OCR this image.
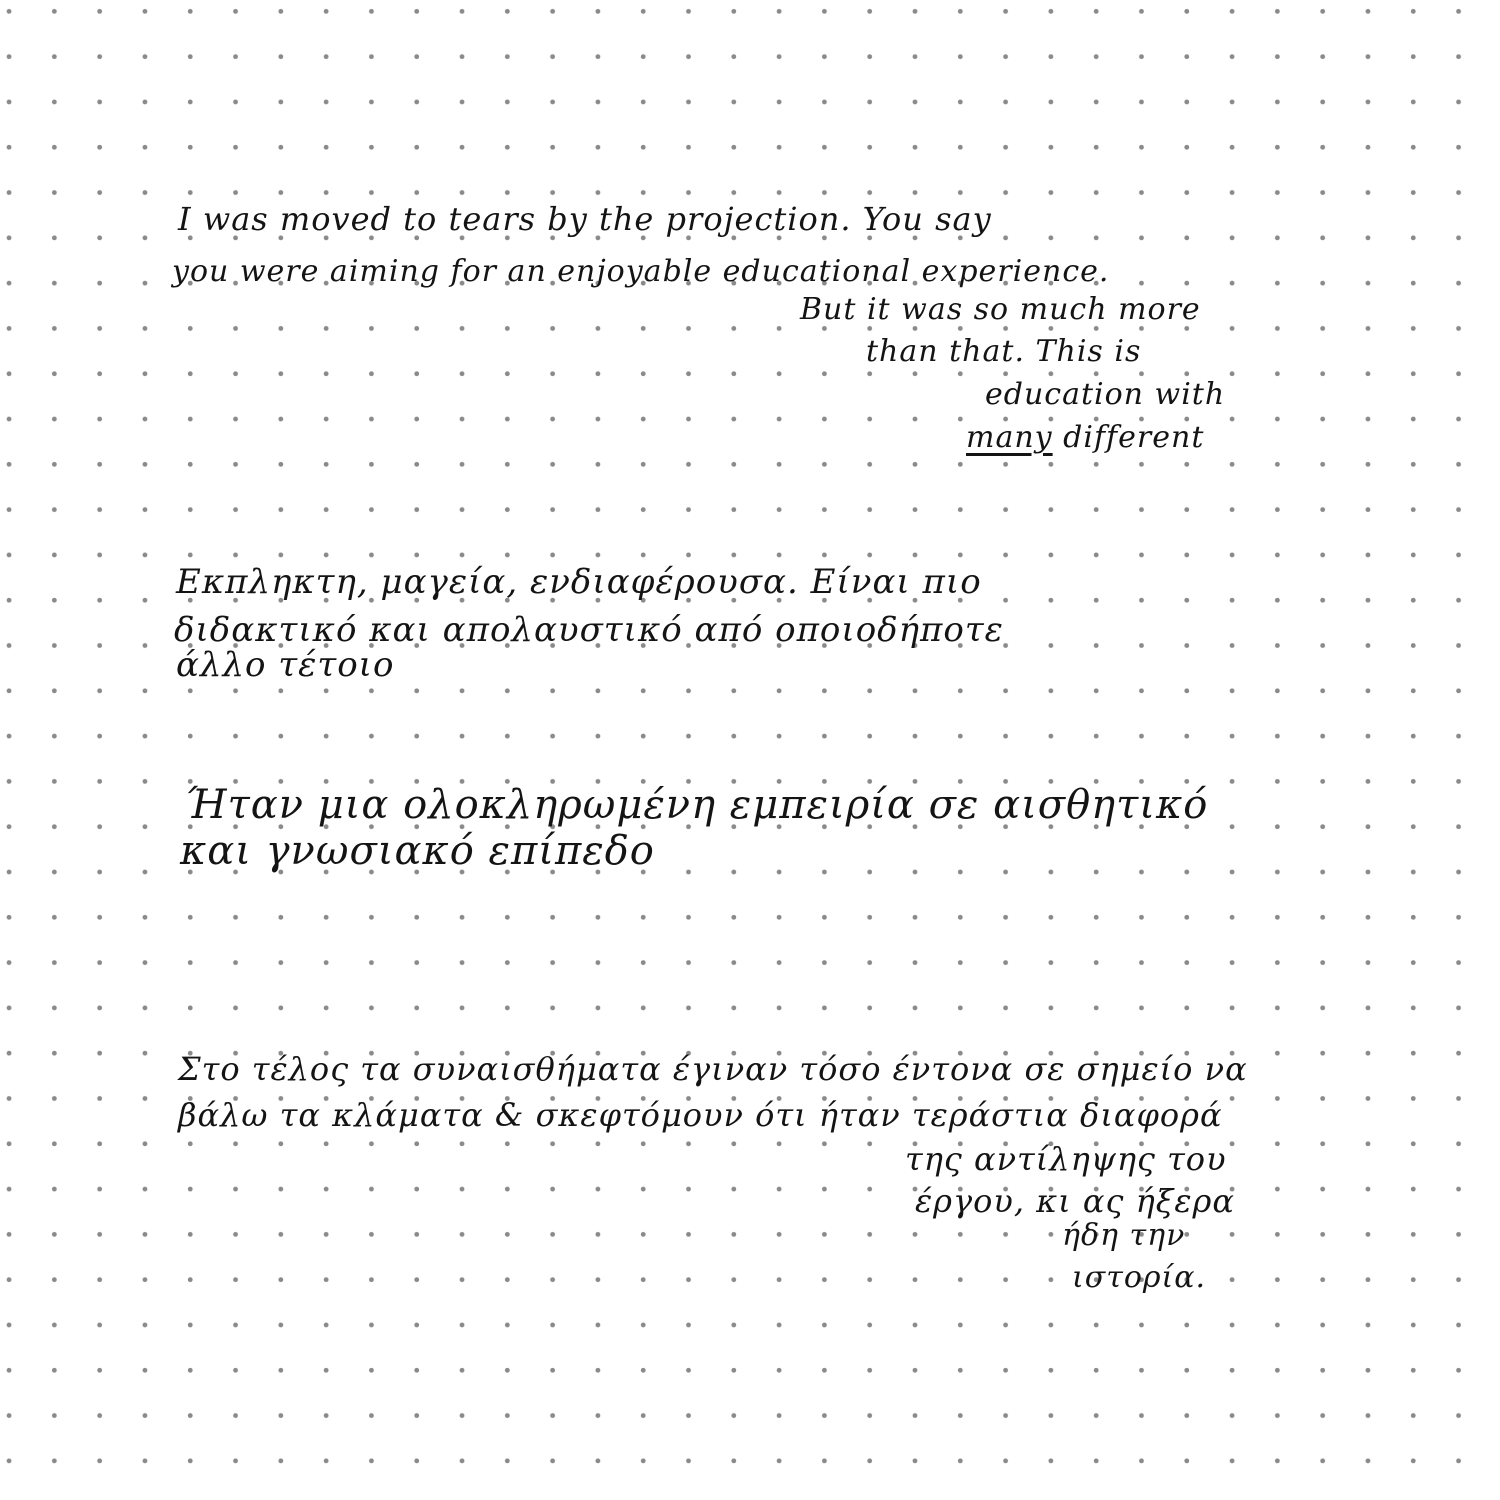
I was moved to tears by the projection. You say

you were aiming for an enjoyable educational experience.

But it was so much more

than that. This is

education with

many different

Εκπληκτη, μαγεία, ενδιαφέρουσα. Είναι πιο

διδακτικό και απολαυστικό από οποιοδήποτε

άλλο τέτοιο

Ήταν μια ολοκληρωμένη εμπειρία σε αισθητικό

και γνωσιακό επίπεδο

Στο τέλος τα συναισθήματα έγιναν τόσο έντονα σε σημείο να

βάλω τα κλάματα & σκεφτόμουν ότι ήταν τεράστια διαφορά

της αντίληψης του

έργου, κι ας ήξερα

ήδη την

ιστορία.
